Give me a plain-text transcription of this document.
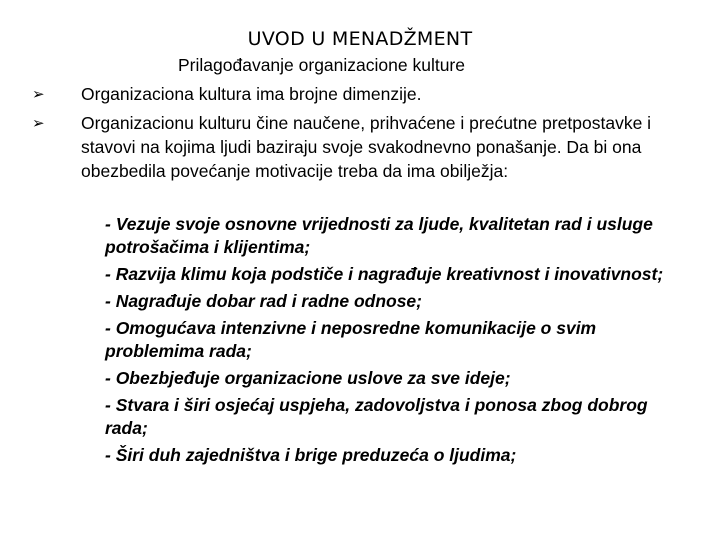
UVOD U MENADŽMENT
Prilagođavanje organizacione kulture
➢ Organizaciona kultura ima brojne dimenzije.
➢ Organizacionu kulturu čine naučene, prihvaćene i prećutne pretpostavke i stavovi na kojima ljudi baziraju svoje svakodnevno ponašanje. Da bi ona obezbedila povećanje motivacije treba da ima obilježja:
- Vezuje svoje osnovne vrijednosti za ljude, kvalitetan rad i usluge potrošačima i klijentima;
- Razvija klimu koja podstiče i nagrađuje kreativnost i inovativnost;
- Nagrađuje dobar rad i radne odnose;
- Omogućava intenzivne i neposredne komunikacije o svim problemima rada;
- Obezbjeđuje organizacione uslove za sve ideje;
- Stvara i širi osjećaj uspjeha, zadovoljstva i ponosa zbog dobrog rada;
- Širi duh zajedništva i brige preduzeća o ljudima;
